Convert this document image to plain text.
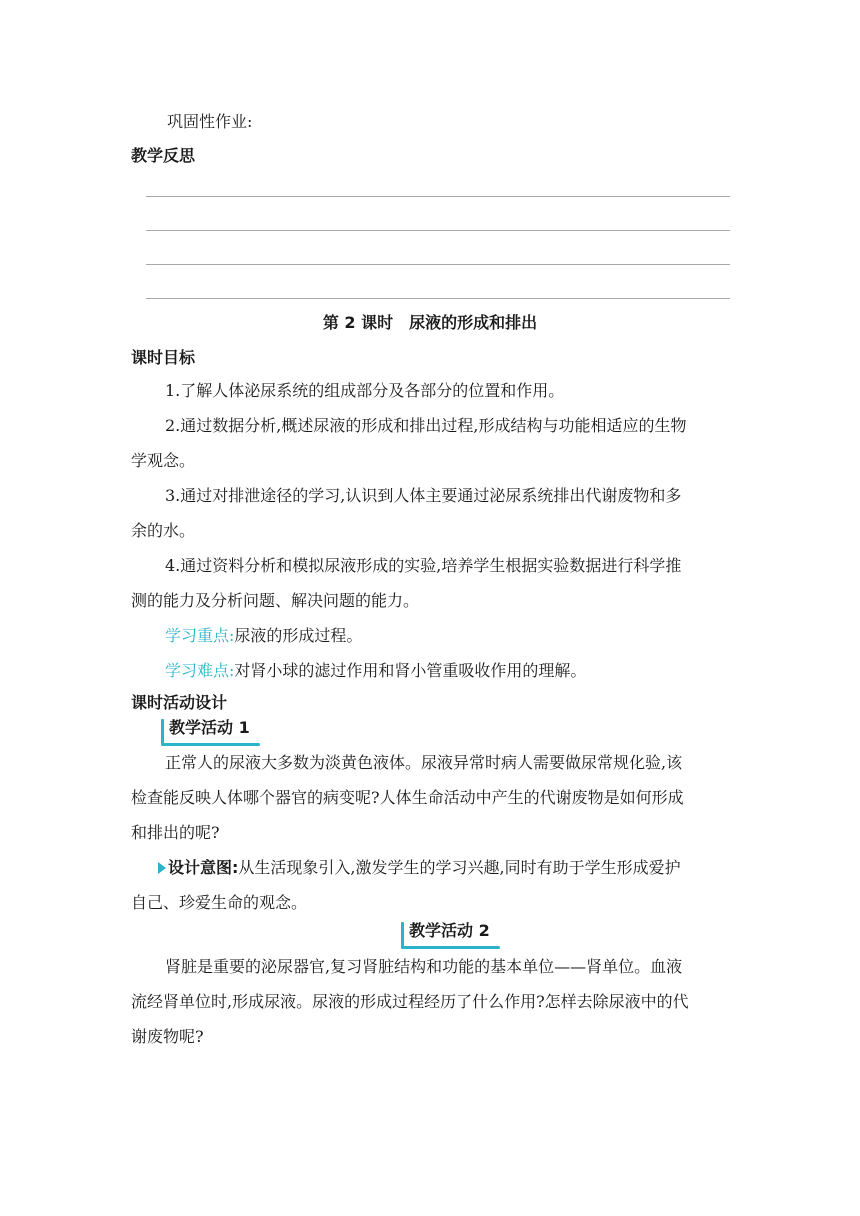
巩固性作业:
教学反思
第 2 课时　尿液的形成和排出
课时目标
1.了解人体泌尿系统的组成部分及各部分的位置和作用。
2.通过数据分析,概述尿液的形成和排出过程,形成结构与功能相适应的生物
学观念。
3.通过对排泄途径的学习,认识到人体主要通过泌尿系统排出代谢废物和多
余的水。
4.通过资料分析和模拟尿液形成的实验,培养学生根据实验数据进行科学推
测的能力及分析问题、解决问题的能力。
学习重点:尿液的形成过程。
学习难点:对肾小球的滤过作用和肾小管重吸收作用的理解。
课时活动设计
教学活动 1
正常人的尿液大多数为淡黄色液体。尿液异常时病人需要做尿常规化验,该
检查能反映人体哪个器官的病变呢?人体生命活动中产生的代谢废物是如何形成
和排出的呢?
设计意图:从生活现象引入,激发学生的学习兴趣,同时有助于学生形成爱护
自己、珍爱生命的观念。
教学活动 2
肾脏是重要的泌尿器官,复习肾脏结构和功能的基本单位——肾单位。血液
流经肾单位时,形成尿液。尿液的形成过程经历了什么作用?怎样去除尿液中的代
谢废物呢?
